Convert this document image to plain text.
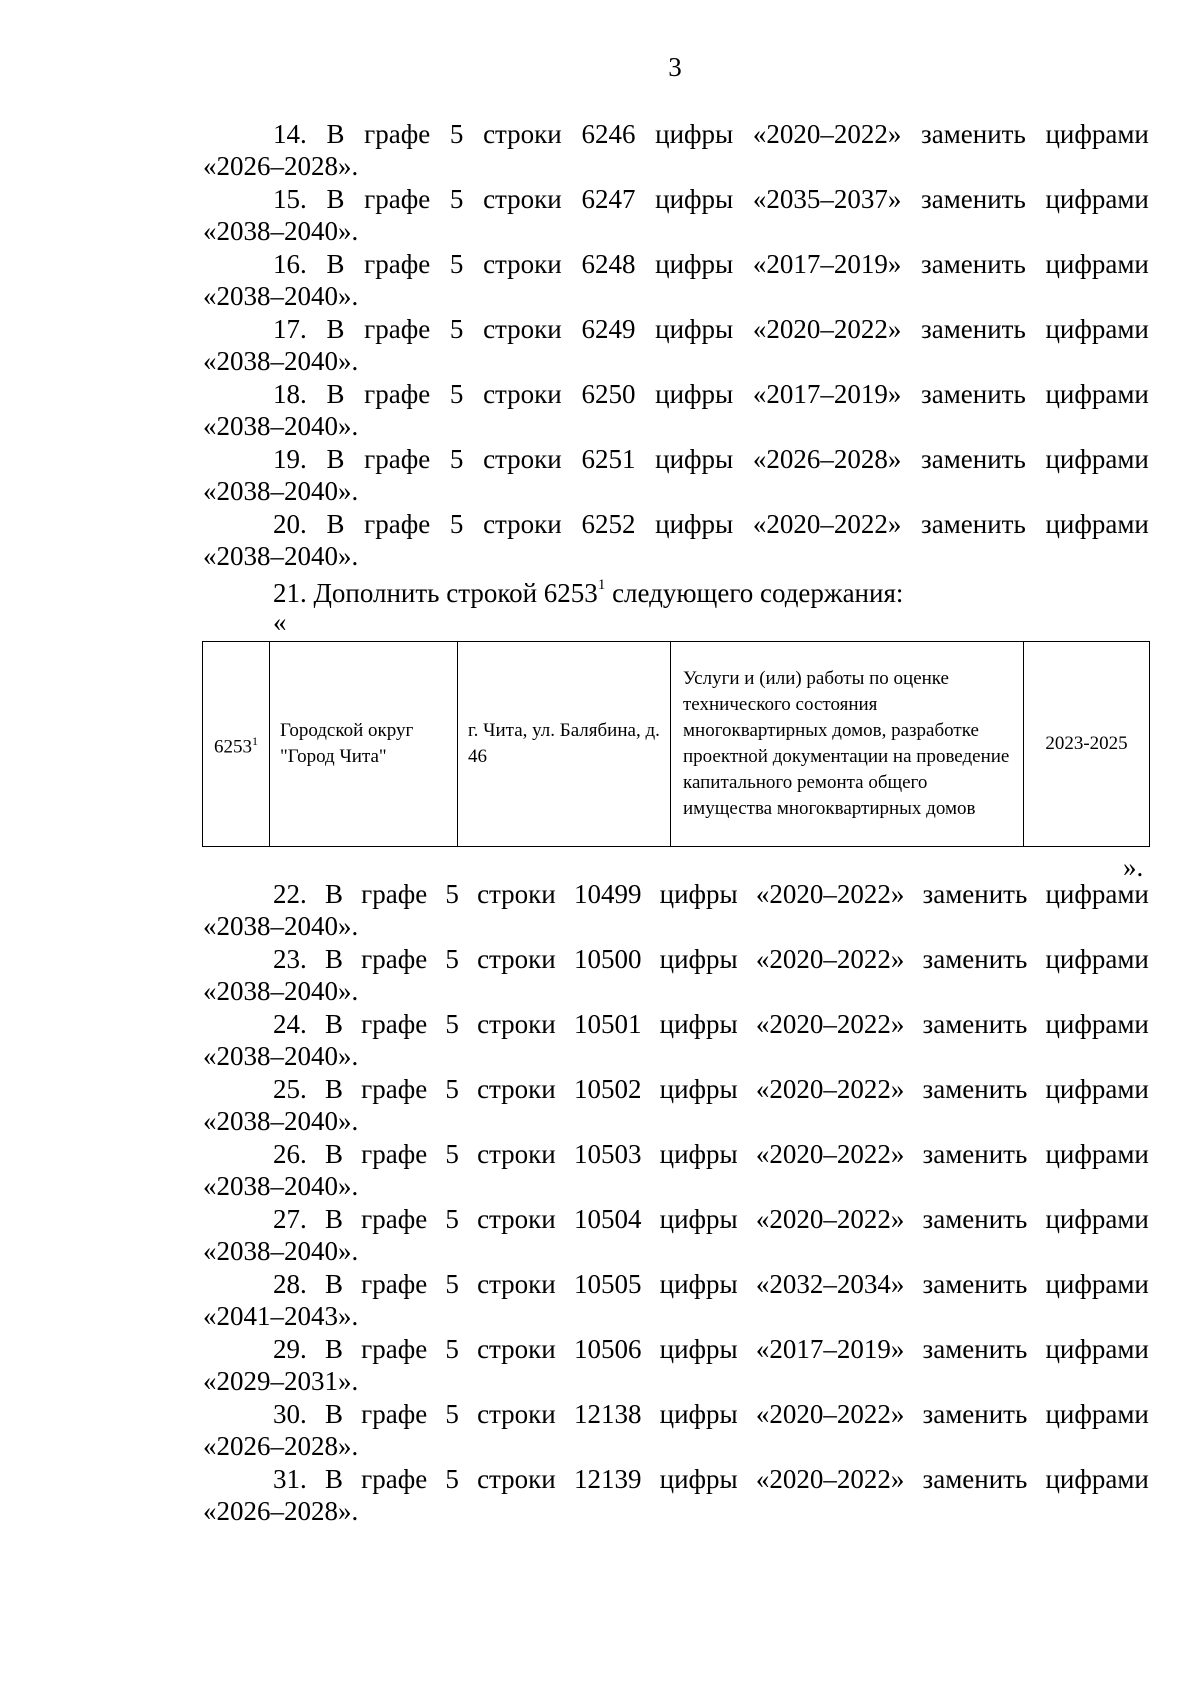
3
14. В графе 5 строки 6246 цифры «2020–2022» заменить цифрами
«2026–2028».
15. В графе 5 строки 6247 цифры «2035–2037» заменить цифрами
«2038–2040».
16. В графе 5 строки 6248 цифры «2017–2019» заменить цифрами
«2038–2040».
17. В графе 5 строки 6249 цифры «2020–2022» заменить цифрами
«2038–2040».
18. В графе 5 строки 6250 цифры «2017–2019» заменить цифрами
«2038–2040».
19. В графе 5 строки 6251 цифры «2026–2028» заменить цифрами
«2038–2040».
20. В графе 5 строки 6252 цифры «2020–2022» заменить цифрами
«2038–2040».
21. Дополнить строкой 6253$^1$ следующего содержания:
«
6253$^1$	Городской округ "Город Чита"	г. Чита, ул. Балябина, д. 46	Услуги и (или) работы по оценке технического состояния многоквартирных домов, разработке проектной документации на проведение капитального ремонта общего имущества многоквартирных домов	2023-2025
».
22. В графе 5 строки 10499 цифры «2020–2022» заменить цифрами
«2038–2040».
23. В графе 5 строки 10500 цифры «2020–2022» заменить цифрами
«2038–2040».
24. В графе 5 строки 10501 цифры «2020–2022» заменить цифрами
«2038–2040».
25. В графе 5 строки 10502 цифры «2020–2022» заменить цифрами
«2038–2040».
26. В графе 5 строки 10503 цифры «2020–2022» заменить цифрами
«2038–2040».
27. В графе 5 строки 10504 цифры «2020–2022» заменить цифрами
«2038–2040».
28. В графе 5 строки 10505 цифры «2032–2034» заменить цифрами
«2041–2043».
29. В графе 5 строки 10506 цифры «2017–2019» заменить цифрами
«2029–2031».
30. В графе 5 строки 12138 цифры «2020–2022» заменить цифрами
«2026–2028».
31. В графе 5 строки 12139 цифры «2020–2022» заменить цифрами
«2026–2028».
